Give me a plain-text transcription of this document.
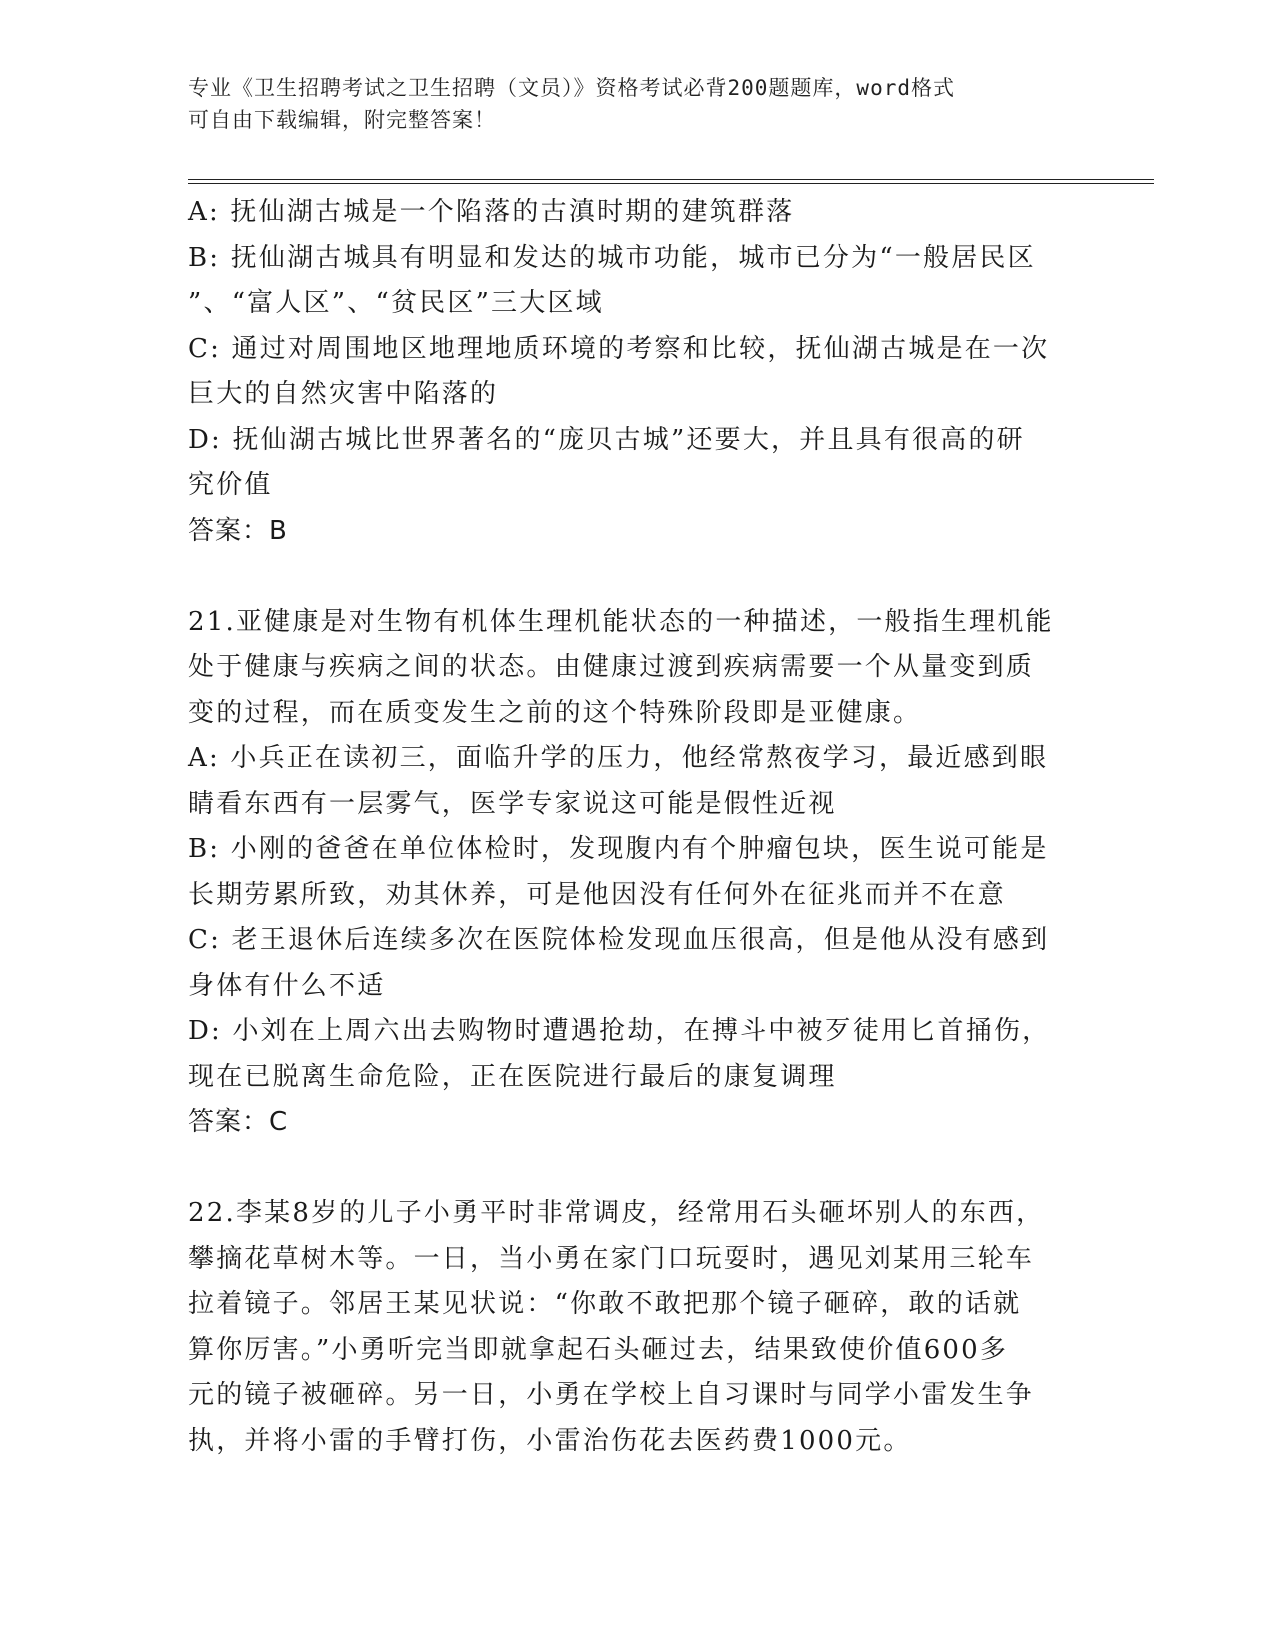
专业《卫生招聘考试之卫生招聘（文员）》资格考试必背200题题库，word格式
可自由下载编辑，附完整答案！
A: 抚仙湖古城是一个陷落的古滇时期的建筑群落
B: 抚仙湖古城具有明显和发达的城市功能，城市已分为“一般居民区
”、“富人区”、“贫民区”三大区域
C: 通过对周围地区地理地质环境的考察和比较，抚仙湖古城是在一次
巨大的自然灾害中陷落的
D: 抚仙湖古城比世界著名的“庞贝古城”还要大，并且具有很高的研
究价值
答案：B
21.亚健康是对生物有机体生理机能状态的一种描述，一般指生理机能
处于健康与疾病之间的状态。由健康过渡到疾病需要一个从量变到质
变的过程，而在质变发生之前的这个特殊阶段即是亚健康。
A: 小兵正在读初三，面临升学的压力，他经常熬夜学习，最近感到眼
睛看东西有一层雾气，医学专家说这可能是假性近视
B: 小刚的爸爸在单位体检时，发现腹内有个肿瘤包块，医生说可能是
长期劳累所致，劝其休养，可是他因没有任何外在征兆而并不在意
C: 老王退休后连续多次在医院体检发现血压很高，但是他从没有感到
身体有什么不适
D: 小刘在上周六出去购物时遭遇抢劫，在搏斗中被歹徒用匕首捅伤，
现在已脱离生命危险，正在医院进行最后的康复调理
答案：C
22.李某8岁的儿子小勇平时非常调皮，经常用石头砸坏别人的东西，
攀摘花草树木等。一日，当小勇在家门口玩耍时，遇见刘某用三轮车
拉着镜子。邻居王某见状说：“你敢不敢把那个镜子砸碎，敢的话就
算你厉害。”小勇听完当即就拿起石头砸过去，结果致使价值600多
元的镜子被砸碎。另一日，小勇在学校上自习课时与同学小雷发生争
执，并将小雷的手臂打伤，小雷治伤花去医药费1000元。
